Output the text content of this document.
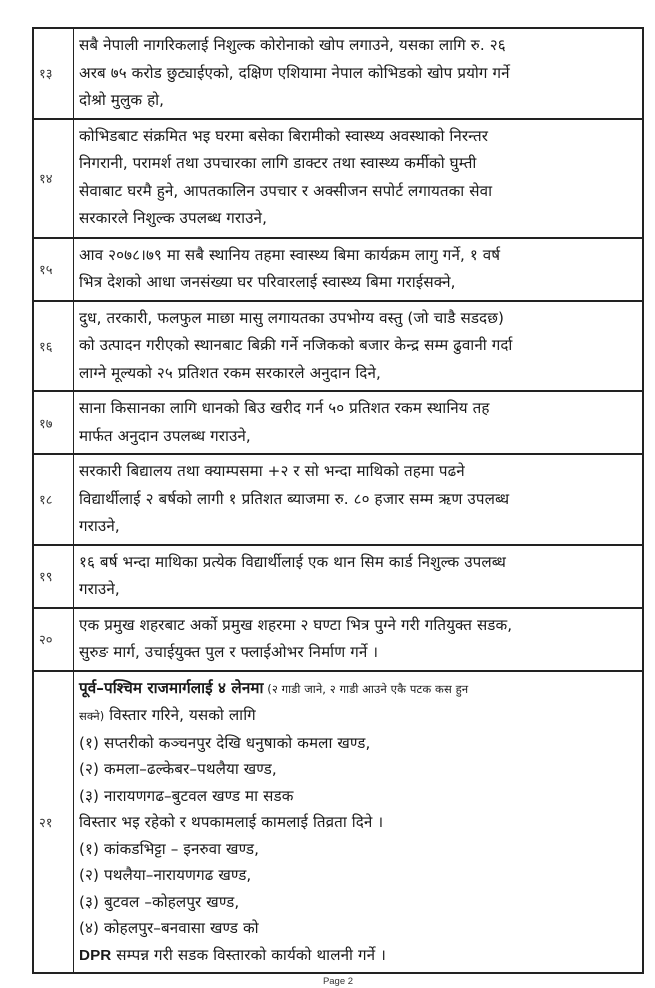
१३
सबै नेपाली नागरिकलाई निशुल्क कोरोनाको खोप लगाउने, यसका लागि रु. २६
अरब ७५ करोड छुट्याईएको, दक्षिण एशियामा नेपाल कोभिडको खोप प्रयोग गर्ने
दोश्रो मुलुक हो,
१४
कोभिडबाट संक्रमित भइ घरमा बसेका बिरामीको स्वास्थ्य अवस्थाको निरन्तर
निगरानी, परामर्श तथा उपचारका लागि डाक्टर तथा स्वास्थ्य कर्मीको घुम्ती
सेवाबाट घरमै हुने, आपतकालिन उपचार र अक्सीजन सपोर्ट लगायतका सेवा
सरकारले निशुल्क उपलब्ध गराउने,
१५
आव २०७८।७९ मा सबै स्थानिय तहमा स्वास्थ्य बिमा कार्यक्रम लागु गर्ने, १ वर्ष
भित्र देशको आधा जनसंख्या घर परिवारलाई स्वास्थ्य बिमा गराईसक्ने,
१६
दुध, तरकारी, फलफुल माछा मासु लगायतका उपभोग्य वस्तु (जो चाडै सडदछ)
को उत्पादन गरीएको स्थानबाट बिक्री गर्ने नजिकको बजार केन्द्र सम्म ढुवानी गर्दा
लाग्ने मूल्यको २५ प्रतिशत रकम सरकारले अनुदान दिने,
१७
साना किसानका लागि धानको बिउ खरीद गर्न ५० प्रतिशत रकम स्थानिय तह
मार्फत अनुदान उपलब्ध गराउने,
१८
सरकारी बिद्यालय तथा क्याम्पसमा +२ र सो भन्दा माथिको तहमा पढने
विद्यार्थीलाई २ बर्षको लागी १ प्रतिशत ब्याजमा रु. ८० हजार सम्म ऋण उपलब्ध
गराउने,
१९
१६ बर्ष भन्दा माथिका प्रत्येक विद्यार्थीलाई एक थान सिम कार्ड निशुल्क उपलब्ध
गराउने,
२०
एक प्रमुख शहरबाट अर्को प्रमुख शहरमा २ घण्टा भित्र पुग्ने गरी गतियुक्त सडक,
सुरुङ मार्ग, उचाईयुक्त पुल र फ्लाईओभर निर्माण गर्ने ।
२१
पूर्व–पश्चिम राजमार्गलाई ४ लेनमा (२ गाडी जाने, २ गाडी आउने एकै पटक कस हुन
सक्ने) विस्तार गरिने, यसको लागि
(१) सप्तरीको कञ्चनपुर देखि धनुषाको कमला खण्ड,
(२) कमला–ढल्केबर–पथलैया खण्ड,
(३) नारायणगढ–बुटवल खण्ड मा सडक
विस्तार भइ रहेको र थपकामलाई कामलाई तिव्रता दिने ।
(१) कांकडभिट्टा – इनरुवा खण्ड,
(२) पथलैया–नारायणगढ खण्ड,
(३) बुटवल –कोहलपुर खण्ड,
(४) कोहलपुर–बनवासा खण्ड को
DPR सम्पन्न गरी सडक विस्तारको कार्यको थालनी गर्ने ।
Page 2
